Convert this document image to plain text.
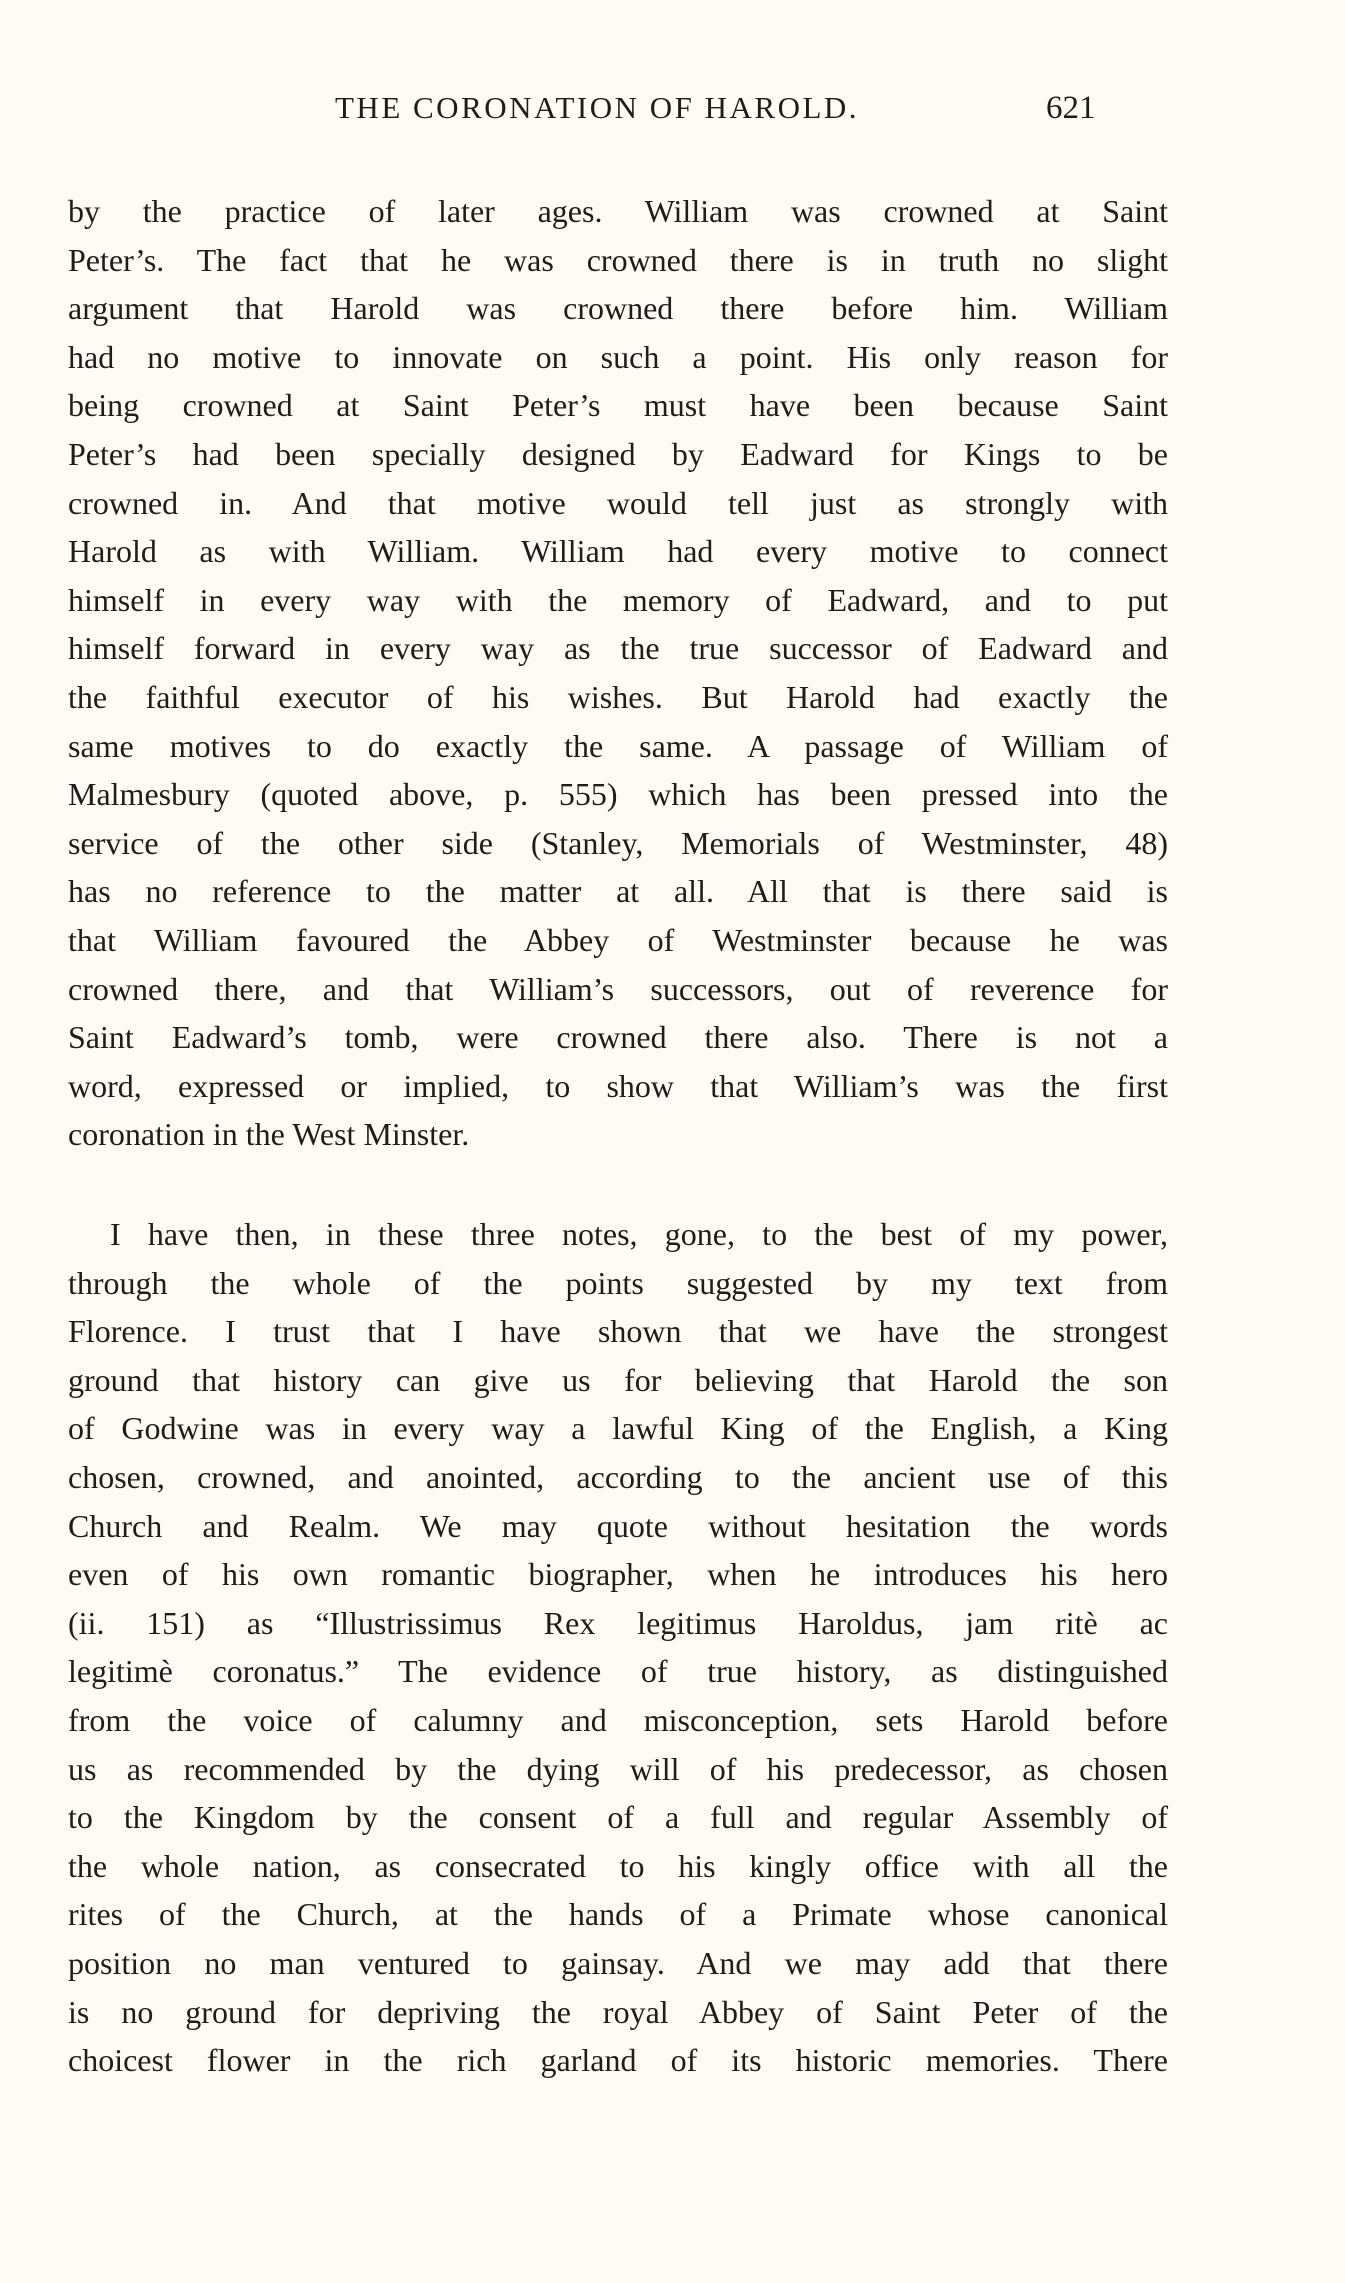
THE CORONATION OF HAROLD.	621
by the practice of later ages. William was crowned at Saint
Peter’s. The fact that he was crowned there is in truth no slight
argument that Harold was crowned there before him. William
had no motive to innovate on such a point. His only reason for
being crowned at Saint Peter’s must have been because Saint
Peter’s had been specially designed by Eadward for Kings to be
crowned in. And that motive would tell just as strongly with
Harold as with William. William had every motive to connect
himself in every way with the memory of Eadward, and to put
himself forward in every way as the true successor of Eadward and
the faithful executor of his wishes. But Harold had exactly the
same motives to do exactly the same. A passage of William of
Malmesbury (quoted above, p. 555) which has been pressed into the
service of the other side (Stanley, Memorials of Westminster, 48)
has no reference to the matter at all. All that is there said is
that William favoured the Abbey of Westminster because he was
crowned there, and that William’s successors, out of reverence for
Saint Eadward’s tomb, were crowned there also. There is not a
word, expressed or implied, to show that William’s was the first
coronation in the West Minster.
I have then, in these three notes, gone, to the best of my power,
through the whole of the points suggested by my text from
Florence. I trust that I have shown that we have the strongest
ground that history can give us for believing that Harold the son
of Godwine was in every way a lawful King of the English, a King
chosen, crowned, and anointed, according to the ancient use of this
Church and Realm. We may quote without hesitation the words
even of his own romantic biographer, when he introduces his hero
(ii. 151) as “Illustrissimus Rex legitimus Haroldus, jam ritè ac
legitimè coronatus.” The evidence of true history, as distinguished
from the voice of calumny and misconception, sets Harold before
us as recommended by the dying will of his predecessor, as chosen
to the Kingdom by the consent of a full and regular Assembly of
the whole nation, as consecrated to his kingly office with all the
rites of the Church, at the hands of a Primate whose canonical
position no man ventured to gainsay. And we may add that there
is no ground for depriving the royal Abbey of Saint Peter of the
choicest flower in the rich garland of its historic memories. There
